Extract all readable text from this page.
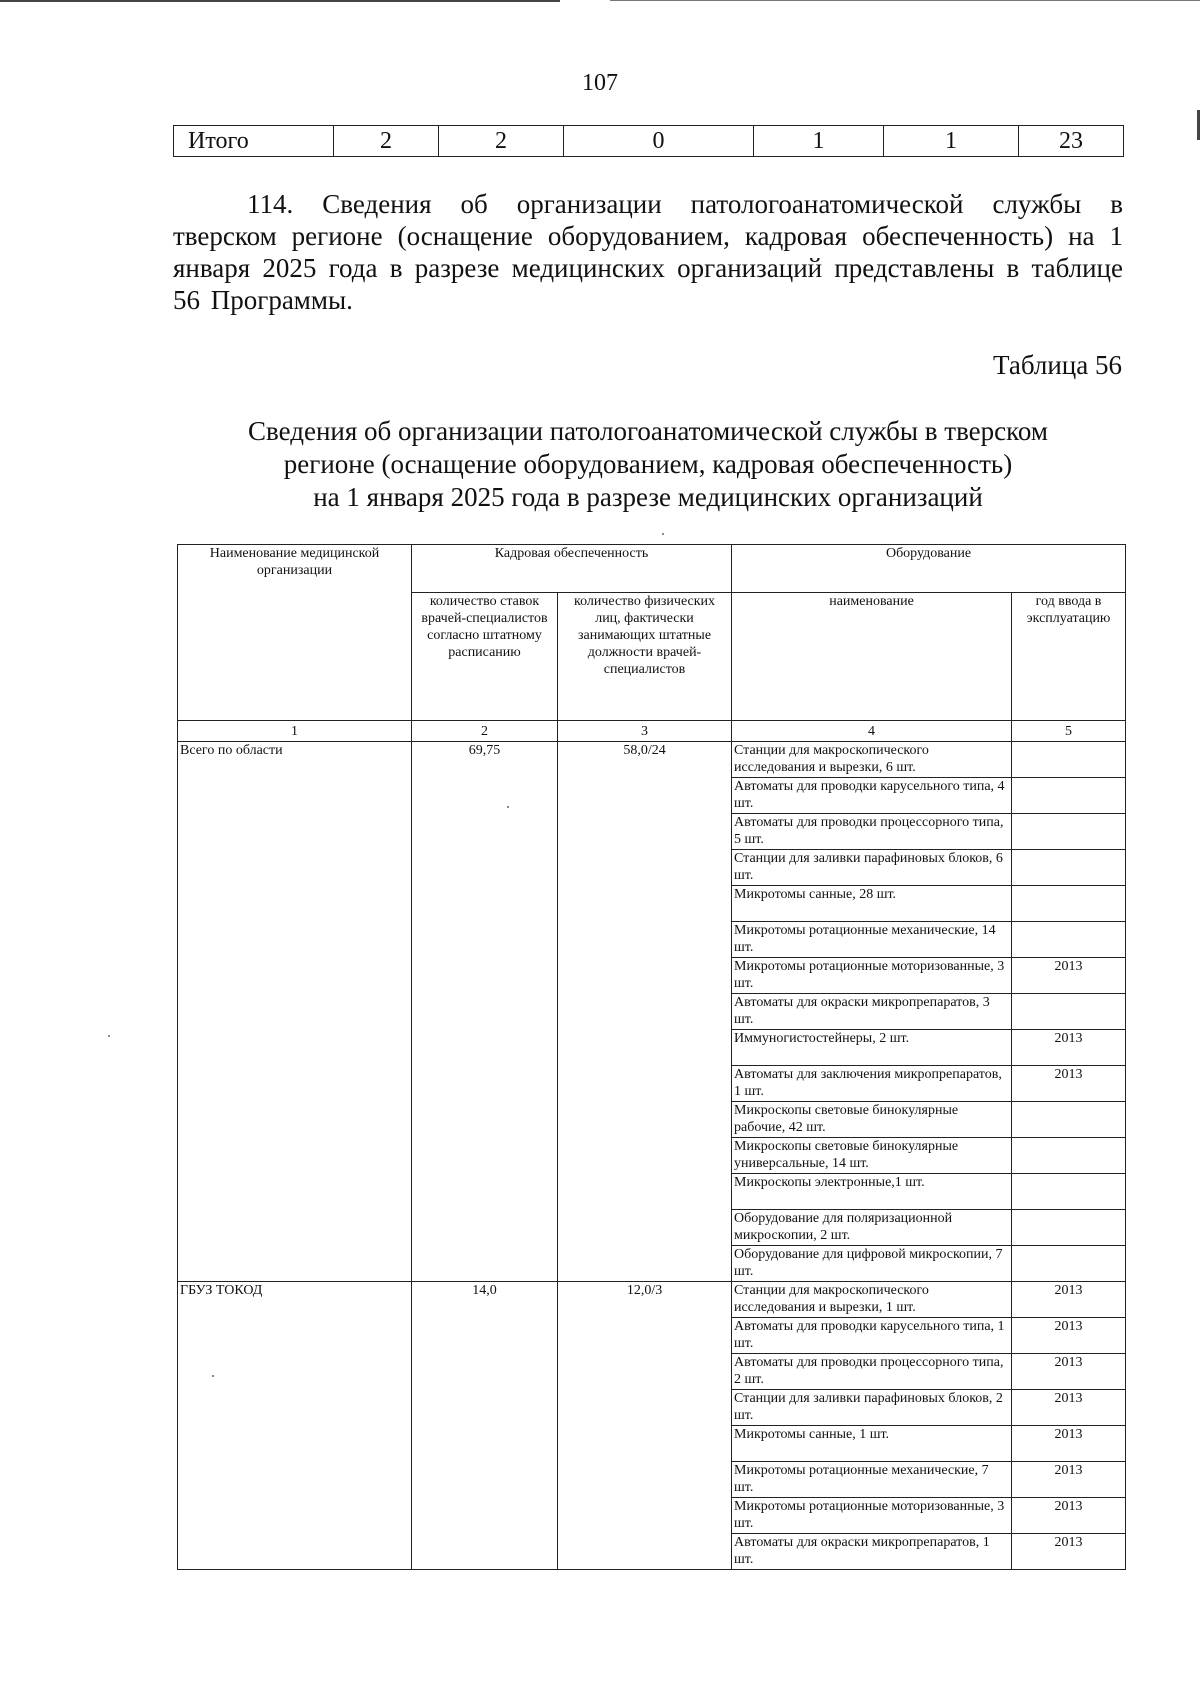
107
Итого	2	2	0	1	1	23
114. Сведения об организации патологоанатомической службы в тверском регионе (оснащение оборудованием, кадровая обеспеченность) на 1 января 2025 года в разрезе медицинских организаций представлены в таблице 56 Программы.
Таблица 56
Сведения об организации патологоанатомической службы в тверском
регионе (оснащение оборудованием, кадровая обеспеченность)
на 1 января 2025 года в разрезе медицинских организаций
Наименование медицинской организации	Кадровая обеспеченность		Оборудование	
	количество ставок врачей-специалистов согласно штатному расписанию	количество физических лиц, фактически занимающих штатные должности врачей-специалистов	наименование	год ввода в эксплуатацию
1	2	3	4	5
Всего по области	69,75	58,0/24	Станции для макроскопического исследования и вырезки, 6 шт.	
			Автоматы для проводки карусельного типа, 4 шт.	
			Автоматы для проводки процессорного типа, 5 шт.	
			Станции для заливки парафиновых блоков, 6 шт.	
			Микротомы санные, 28 шт.	
			Микротомы ротационные механические, 14 шт.	
			Микротомы ротационные моторизованные, 3 шт.	2013
			Автоматы для окраски микропрепаратов, 3 шт.	
			Иммуногистостейнеры, 2 шт.	2013
			Автоматы для заключения микропрепаратов, 1 шт.	2013
			Микроскопы световые бинокулярные рабочие, 42 шт.	
			Микроскопы световые бинокулярные универсальные, 14 шт.	
			Микроскопы электронные,1 шт.	
			Оборудование для поляризационной микроскопии, 2 шт.	
			Оборудование для цифровой микроскопии, 7 шт.	
ГБУЗ ТОКОД	14,0	12,0/3	Станции для макроскопического исследования и вырезки, 1 шт.	2013
			Автоматы для проводки карусельного типа, 1 шт.	2013
			Автоматы для проводки процессорного типа, 2 шт.	2013
			Станции для заливки парафиновых блоков, 2 шт.	2013
			Микротомы санные, 1 шт.	2013
			Микротомы ротационные механические, 7 шт.	2013
			Микротомы ротационные моторизованные, 3 шт.	2013
			Автоматы для окраски микропрепаратов, 1 шт.	2013
